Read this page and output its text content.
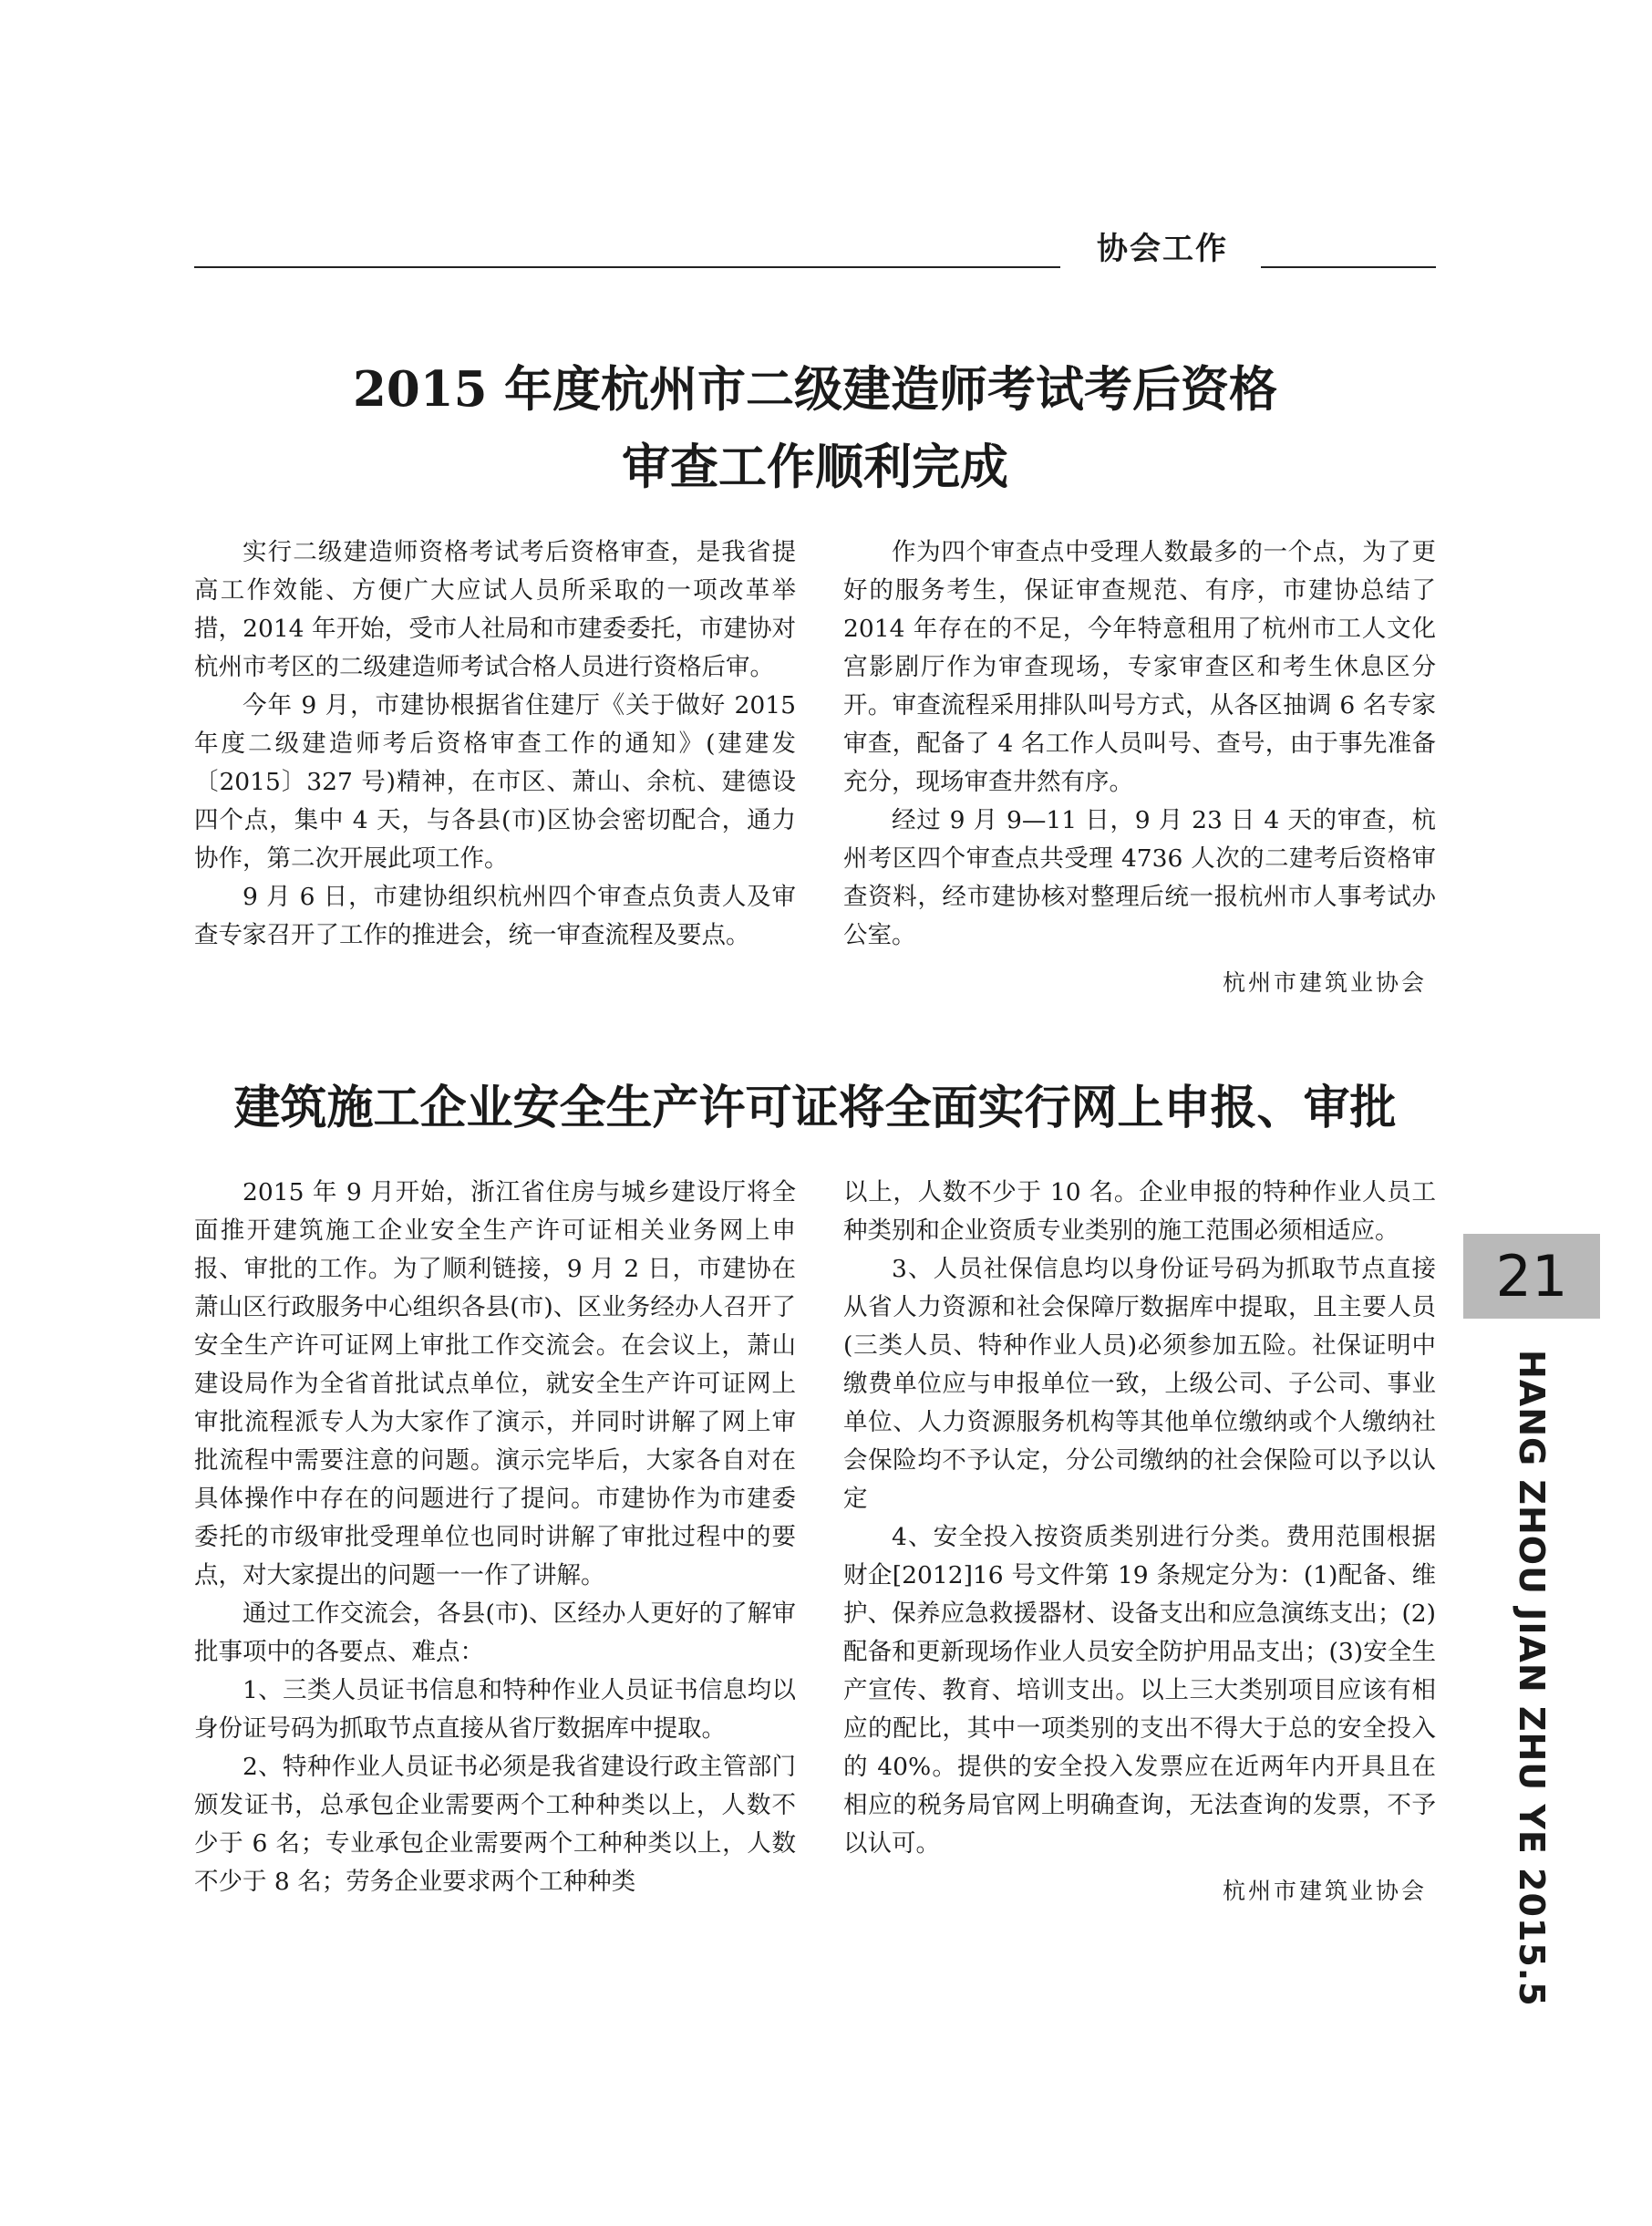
协会工作
2015 年度杭州市二级建造师考试考后资格
审查工作顺利完成

实行二级建造师资格考试考后资格审查，是我省提高工作效能、方便广大应试人员所采取的一项改革举措，2014 年开始，受市人社局和市建委委托，市建协对杭州市考区的二级建造师考试合格人员进行资格后审。

今年 9 月，市建协根据省住建厅《关于做好 2015 年度二级建造师考后资格审查工作的通知》(建建发〔2015〕327 号)精神，在市区、萧山、余杭、建德设四个点，集中 4 天，与各县(市)区协会密切配合，通力协作，第二次开展此项工作。

9 月 6 日，市建协组织杭州四个审查点负责人及审查专家召开了工作的推进会，统一审查流程及要点。

作为四个审查点中受理人数最多的一个点，为了更好的服务考生，保证审查规范、有序，市建协总结了 2014 年存在的不足，今年特意租用了杭州市工人文化宫影剧厅作为审查现场，专家审查区和考生休息区分开。审查流程采用排队叫号方式，从各区抽调 6 名专家审查，配备了 4 名工作人员叫号、查号，由于事先准备充分，现场审查井然有序。

经过 9 月 9—11 日，9 月 23 日 4 天的审查，杭州考区四个审查点共受理 4736 人次的二建考后资格审查资料，经市建协核对整理后统一报杭州市人事考试办公室。

杭州市建筑业协会

建筑施工企业安全生产许可证将全面实行网上申报、审批

2015 年 9 月开始，浙江省住房与城乡建设厅将全面推开建筑施工企业安全生产许可证相关业务网上申报、审批的工作。为了顺利链接，9 月 2 日，市建协在萧山区行政服务中心组织各县(市)、区业务经办人召开了安全生产许可证网上审批工作交流会。在会议上，萧山建设局作为全省首批试点单位，就安全生产许可证网上审批流程派专人为大家作了演示，并同时讲解了网上审批流程中需要注意的问题。演示完毕后，大家各自对在具体操作中存在的问题进行了提问。市建协作为市建委委托的市级审批受理单位也同时讲解了审批过程中的要点，对大家提出的问题一一作了讲解。

通过工作交流会，各县(市)、区经办人更好的了解审批事项中的各要点、难点：

1、三类人员证书信息和特种作业人员证书信息均以身份证号码为抓取节点直接从省厅数据库中提取。

2、特种作业人员证书必须是我省建设行政主管部门颁发证书，总承包企业需要两个工种种类以上，人数不少于 6 名；专业承包企业需要两个工种种类以上，人数不少于 8 名；劳务企业要求两个工种种类

以上，人数不少于 10 名。企业申报的特种作业人员工种类别和企业资质专业类别的施工范围必须相适应。

3、人员社保信息均以身份证号码为抓取节点直接从省人力资源和社会保障厅数据库中提取，且主要人员(三类人员、特种作业人员)必须参加五险。社保证明中缴费单位应与申报单位一致，上级公司、子公司、事业单位、人力资源服务机构等其他单位缴纳或个人缴纳社会保险均不予认定，分公司缴纳的社会保险可以予以认定

4、安全投入按资质类别进行分类。费用范围根据财企[2012]16 号文件第 19 条规定分为：(1)配备、维护、保养应急救援器材、设备支出和应急演练支出；(2) 配备和更新现场作业人员安全防护用品支出；(3)安全生产宣传、教育、培训支出。以上三大类别项目应该有相应的配比，其中一项类别的支出不得大于总的安全投入的 40%。提供的安全投入发票应在近两年内开具且在相应的税务局官网上明确查询，无法查询的发票，不予以认可。

杭州市建筑业协会

21
HANG ZHOU JIAN ZHU YE 2015.5
